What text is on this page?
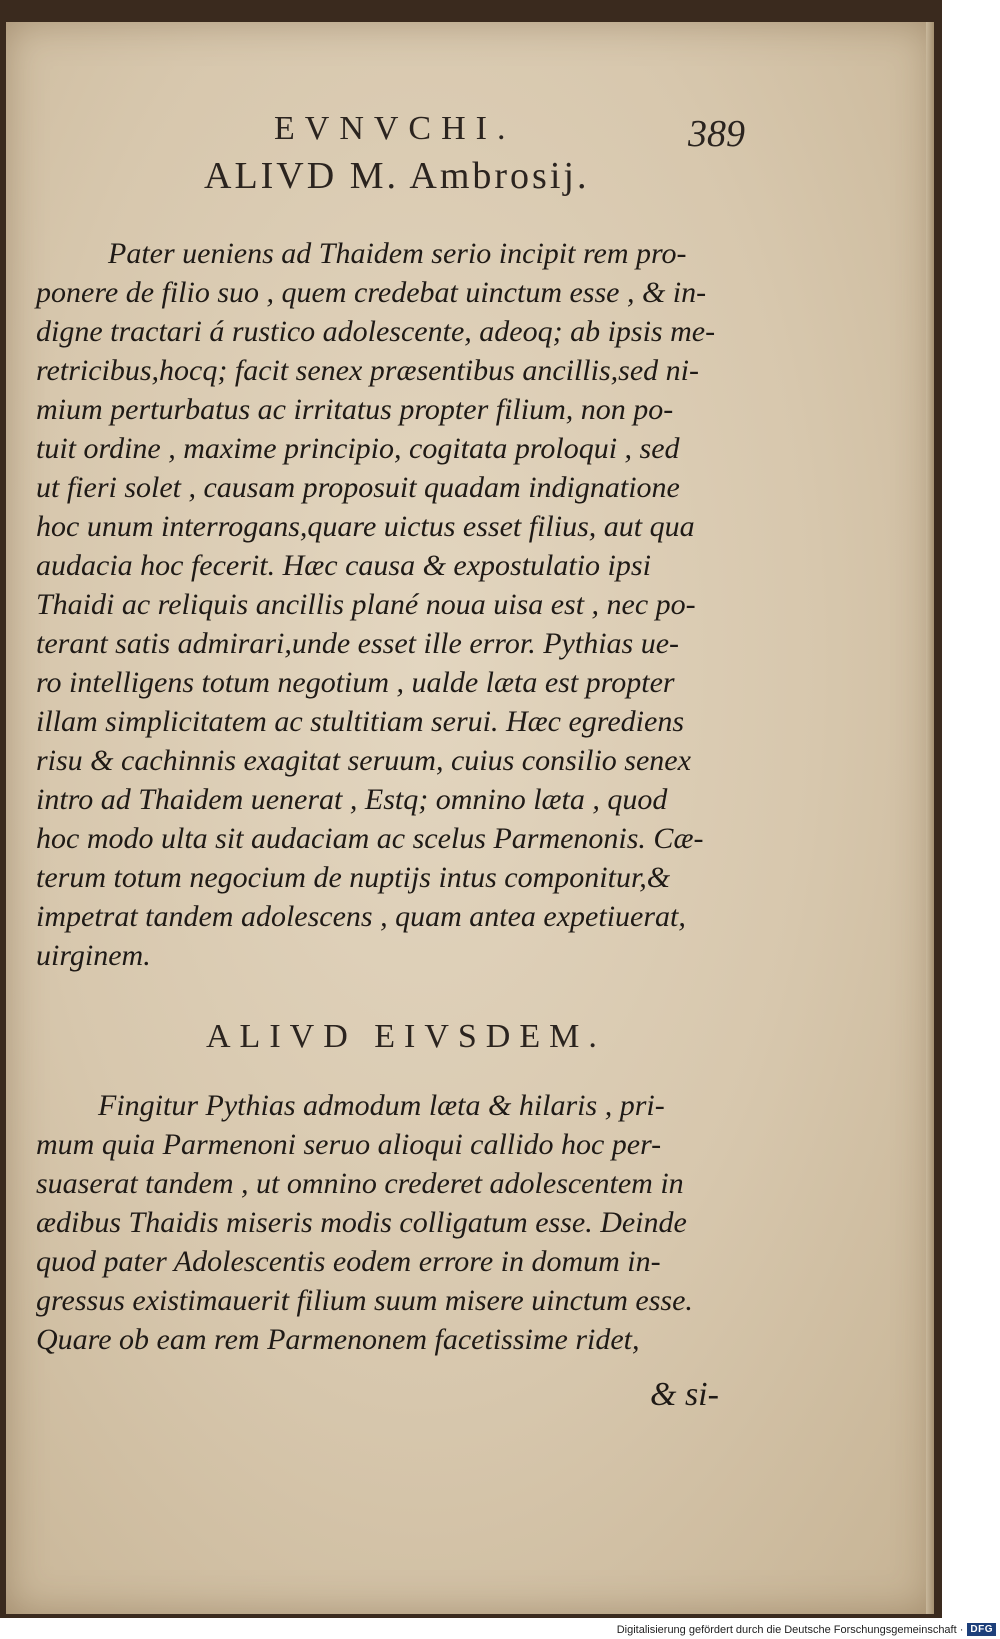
EVNVCHI.	389
ALIVD M. Ambrosij.
Pater ueniens ad Thaidem serio incipit rem pro-
ponere de filio suo , quem credebat uinctum esse , & in-
digne tractari á rustico adolescente, adeoq; ab ipsis me-
retricibus,hocq; facit senex præsentibus ancillis,sed ni-
mium perturbatus ac irritatus propter filium, non po-
tuit ordine , maxime principio, cogitata proloqui , sed
ut fieri solet , causam proposuit quadam indignatione
hoc unum interrogans,quare uictus esset filius, aut qua
audacia hoc fecerit. Hæc causa & expostulatio ipsi
Thaidi ac reliquis ancillis plané noua uisa est , nec po-
terant satis admirari,unde esset ille error. Pythias ue-
ro intelligens totum negotium , ualde læta est propter
illam simplicitatem ac stultitiam serui. Hæc egrediens
risu & cachinnis exagitat seruum, cuius consilio senex
intro ad Thaidem uenerat , Estq; omnino læta , quod
hoc modo ulta sit audaciam ac scelus Parmenonis. Cæ-
terum totum negocium de nuptijs intus componitur,&
impetrat tandem adolescens , quam antea expetiuerat,
uirginem.
ALIVD EIVSDEM.
Fingitur Pythias admodum læta & hilaris , pri-
mum quia Parmenoni seruo alioqui callido hoc per-
suaserat tandem , ut omnino crederet adolescentem in
ædibus Thaidis miseris modis colligatum esse. Deinde
quod pater Adolescentis eodem errore in domum in-
gressus existimauerit filium suum misere uinctum esse.
Quare ob eam rem Parmenonem facetissime ridet,
& si-
Digitalisierung gefördert durch die Deutsche Forschungsgemeinschaft · DFG
